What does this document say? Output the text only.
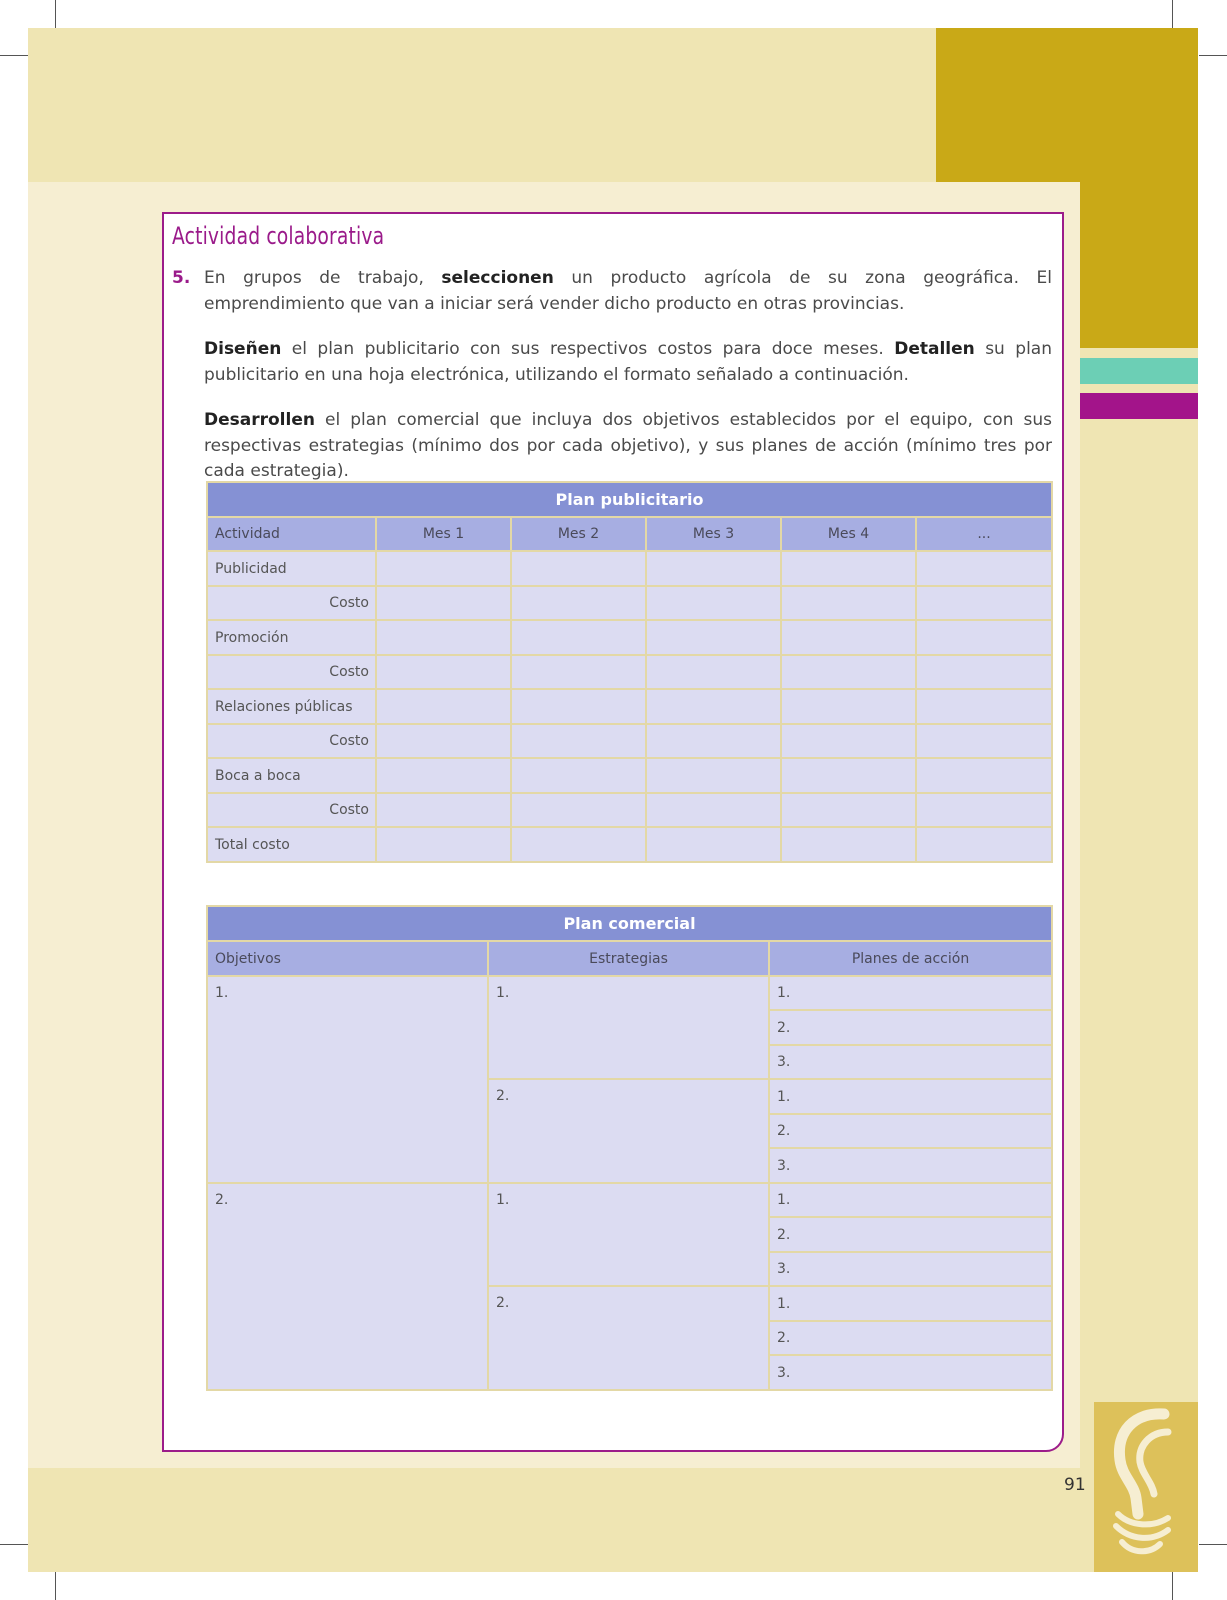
Actividad colaborativa
5. En grupos de trabajo, seleccionen un producto agrícola de su zona geográfica. El emprendimiento que van a iniciar será vender dicho producto en otras provincias.

Diseñen el plan publicitario con sus respectivos costos para doce meses. Detallen su plan publicitario en una hoja electrónica, utilizando el formato señalado a continuación.

Desarrollen el plan comercial que incluya dos objetivos establecidos por el equipo, con sus respectivas estrategias (mínimo dos por cada objetivo), y sus planes de acción (mínimo tres por cada estrategia).

Plan publicitario					
Actividad	Mes 1	Mes 2	Mes 3	Mes 4	...
Publicidad					
Costo					
Promoción					
Costo					
Relaciones públicas					
Costo					
Boca a boca					
Costo					
Total costo					
Plan comercial		
Objetivos	Estrategias	Planes de acción
1.	1.	1.
		2.
		3.
	2.	1.
		2.
		3.
2.	1.	1.
		2.
		3.
	2.	1.
		2.
		3.
91
